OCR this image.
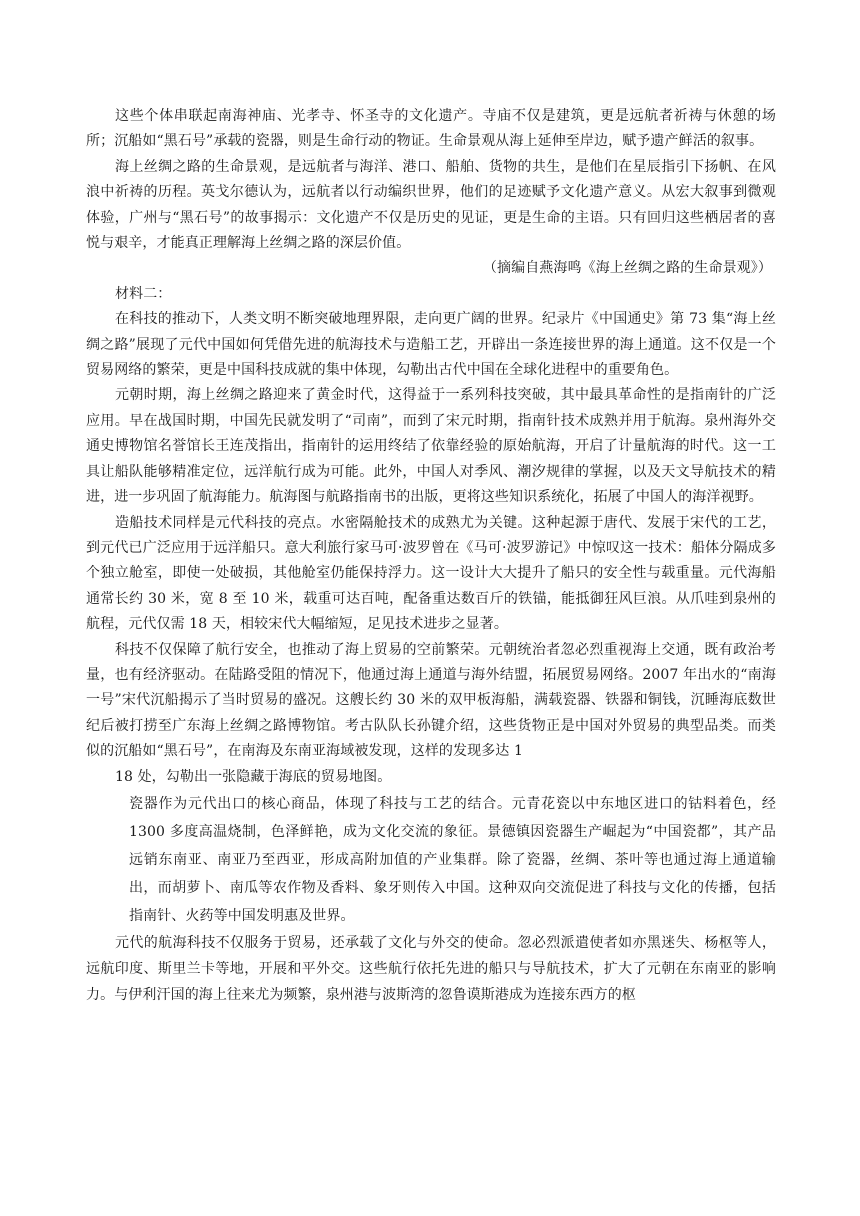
这些个体串联起南海神庙、光孝寺、怀圣寺的文化遗产。寺庙不仅是建筑，更是远航者祈祷与休憩的场所；沉船如“黑石号”承载的瓷器，则是生命行动的物证。生命景观从海上延伸至岸边，赋予遗产鲜活的叙事。

海上丝绸之路的生命景观，是远航者与海洋、港口、船舶、货物的共生，是他们在星辰指引下扬帆、在风浪中祈祷的历程。英戈尔德认为，远航者以行动编织世界，他们的足迹赋予文化遗产意义。从宏大叙事到微观体验，广州与“黑石号”的故事揭示：文化遗产不仅是历史的见证，更是生命的主语。只有回归这些栖居者的喜悦与艰辛，才能真正理解海上丝绸之路的深层价值。

（摘编自燕海鸣《海上丝绸之路的生命景观》）

材料二：

在科技的推动下，人类文明不断突破地理界限，走向更广阔的世界。纪录片《中国通史》第 73 集“海上丝绸之路”展现了元代中国如何凭借先进的航海技术与造船工艺，开辟出一条连接世界的海上通道。这不仅是一个贸易网络的繁荣，更是中国科技成就的集中体现，勾勒出古代中国在全球化进程中的重要角色。

元朝时期，海上丝绸之路迎来了黄金时代，这得益于一系列科技突破，其中最具革命性的是指南针的广泛应用。早在战国时期，中国先民就发明了“司南”，而到了宋元时期，指南针技术成熟并用于航海。泉州海外交通史博物馆名誉馆长王连茂指出，指南针的运用终结了依靠经验的原始航海，开启了计量航海的时代。这一工具让船队能够精准定位，远洋航行成为可能。此外，中国人对季风、潮汐规律的掌握，以及天文导航技术的精进，进一步巩固了航海能力。航海图与航路指南书的出版，更将这些知识系统化，拓展了中国人的海洋视野。

造船技术同样是元代科技的亮点。水密隔舱技术的成熟尤为关键。这种起源于唐代、发展于宋代的工艺，到元代已广泛应用于远洋船只。意大利旅行家马可·波罗曾在《马可·波罗游记》中惊叹这一技术：船体分隔成多个独立舱室，即使一处破损，其他舱室仍能保持浮力。这一设计大大提升了船只的安全性与载重量。元代海船通常长约 30 米，宽 8 至 10 米，载重可达百吨，配备重达数百斤的铁锚，能抵御狂风巨浪。从爪哇到泉州的航程，元代仅需 18 天，相较宋代大幅缩短，足见技术进步之显著。

科技不仅保障了航行安全，也推动了海上贸易的空前繁荣。元朝统治者忽必烈重视海上交通，既有政治考量，也有经济驱动。在陆路受阻的情况下，他通过海上通道与海外结盟，拓展贸易网络。2007 年出水的“南海一号”宋代沉船揭示了当时贸易的盛况。这艘长约 30 米的双甲板海船，满载瓷器、铁器和铜钱，沉睡海底数世纪后被打捞至广东海上丝绸之路博物馆。考古队队长孙键介绍，这些货物正是中国对外贸易的典型品类。而类似的沉船如“黑石号”，在南海及东南亚海域被发现，这样的发现多达 1

18 处，勾勒出一张隐藏于海底的贸易地图。

瓷器作为元代出口的核心商品，体现了科技与工艺的结合。元青花瓷以中东地区进口的钴料着色，经 1300 多度高温烧制，色泽鲜艳，成为文化交流的象征。景德镇因瓷器生产崛起为“中国瓷都”，其产品远销东南亚、南亚乃至西亚，形成高附加值的产业集群。除了瓷器，丝绸、茶叶等也通过海上通道输出，而胡萝卜、南瓜等农作物及香料、象牙则传入中国。这种双向交流促进了科技与文化的传播，包括指南针、火药等中国发明惠及世界。

元代的航海科技不仅服务于贸易，还承载了文化与外交的使命。忽必烈派遣使者如亦黑迷失、杨枢等人，远航印度、斯里兰卡等地，开展和平外交。这些航行依托先进的船只与导航技术，扩大了元朝在东南亚的影响力。与伊利汗国的海上往来尤为频繁，泉州港与波斯湾的忽鲁谟斯港成为连接东西方的枢
